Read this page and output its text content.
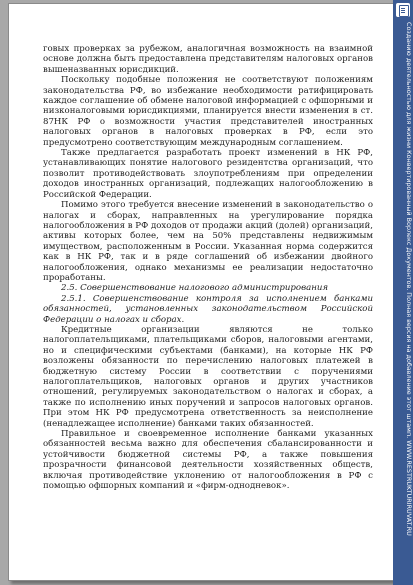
говых проверках за рубежом, аналогичная возможность на взаимной основе должна быть предоставлена представителям налоговых органов вышеназванных юрисдикций.

Поскольку подобные положения не соответствуют положениям законодательства РФ, во избежание необходимости ратифицировать каждое соглашение об обмене налоговой информацией с офшорными и низконалоговыми юрисдикциями, планируется внести изменения в ст. 87НК РФ о возможности участия представителей иностранных налоговых органов в налоговых проверках в РФ, если это предусмотрено соответствующим международным соглашением.

Также предлагается разработать проект изменений в НК РФ, устанавливающих понятие налогового резидентства организаций, что позволит противодействовать злоупотреблениям при определении доходов иностранных организаций, подлежащих налогообложению в Российской Федерации.

Помимо этого требуется внесение изменений в законодательство о налогах и сборах, направленных на урегулирование порядка налогообложения в РФ доходов от продажи акций (долей) организаций, активы которых более, чем на 50% представлены недвижимым имуществом, расположенным в России. Указанная норма содержится как в НК РФ, так и в ряде соглашений об избежании двойного налогообложения, однако механизмы ее реализации недостаточно проработаны.

2.5. Совершенствование налогового администрирования

2.5.1. Совершенствование контроля за исполнением банками обязанностей, установленных законодательством Российской Федерации о налогах и сборах.

Кредитные организации являются не только налогоплательщиками, плательщиками сборов, налоговыми агентами, но и специфическими субъектами (банками), на которые НК РФ возложены обязанности по перечислению налоговых платежей в бюджетную систему России в соответствии с поручениями налогоплательщиков, налоговых органов и других участников отношений, регулируемых законодательством о налогах и сборах, а также по исполнению иных поручений и запросов налоговых органов. При этом НК РФ предусмотрена ответственность за неисполнение (ненадлежащее исполнение) банками таких обязанностей.

Правильное и своевременное исполнение банками указанных обязанностей весьма важно для обеспечения сбалансированности и устойчивости бюджетной системы РФ, а также повышения прозрачности финансовой деятельности хозяйственных обществ, включая противодействие уклонению от налогообложения в РФ с помощью офшорных компаний и «фирм-однодневок».	Созданию деятельностью для жизни Конвертированный Ворлекс Документов. Полная версия на добавление этот штамп. WWW.RESTRUKTURIRUVAT.RU
